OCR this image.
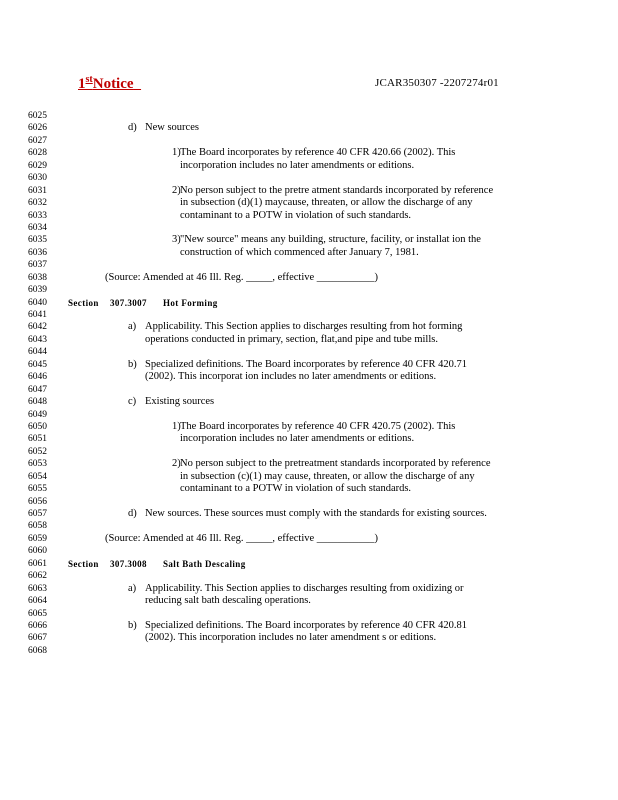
1stNotice	JCAR350307 -2207274r01
6025
6026	d) New sources
6027
6028	1) The Board incorporates by reference 40 CFR 420.66 (2002). This
6029	incorporation includes no later amendments or editions.
6030
6031	2) No person subject to the pretre atment standards incorporated by reference
6032	in subsection (d)(1) maycause, threaten, or allow the discharge of any
6033	contaminant to a POTW in violation of such standards.
6034
6035	3) "New source" means any building, structure, facility, or installat ion the
6036	construction of which commenced after January 7, 1981.
6037
6038	(Source: Amended at 46 Ill. Reg. _____, effective ___________)
6039
6040	Section 307.3007 Hot Forming
6041
6042	a) Applicability. This Section applies to discharges resulting from hot forming
6043	operations conducted in primary, section, flat,and pipe and tube mills.
6044
6045	b) Specialized definitions. The Board incorporates by reference 40 CFR 420.71
6046	(2002). This incorporat ion includes no later amendments or editions.
6047
6048	c) Existing sources
6049
6050	1) The Board incorporates by reference 40 CFR 420.75 (2002). This
6051	incorporation includes no later amendments or editions.
6052
6053	2) No person subject to the pretreatment standards incorporated by reference
6054	in subsection (c)(1) may cause, threaten, or allow the discharge of any
6055	contaminant to a POTW in violation of such standards.
6056
6057	d) New sources. These sources must comply with the standards for existing sources.
6058
6059	(Source: Amended at 46 Ill. Reg. _____, effective ___________)
6060
6061	Section 307.3008 Salt Bath Descaling
6062
6063	a) Applicability. This Section applies to discharges resulting from oxidizing or
6064	reducing salt bath descaling operations.
6065
6066	b) Specialized definitions. The Board incorporates by reference 40 CFR 420.81
6067	(2002). This incorporation includes no later amendment s or editions.
6068
